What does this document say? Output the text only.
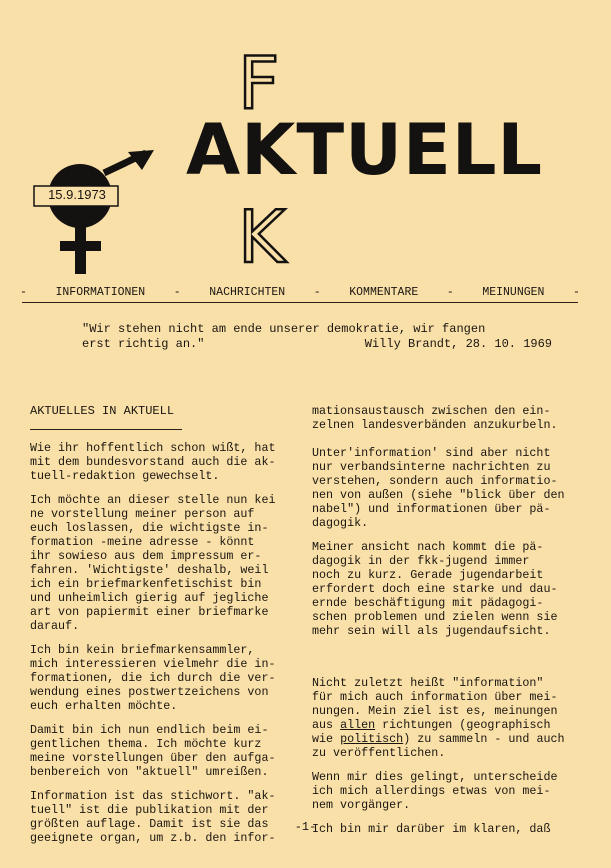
15.9.1973
AKTUELL
F
K
- INFORMATIONEN - NACHRICHTEN - KOMMENTARE - MEINUNGEN -
"Wir stehen nicht am ende unserer demokratie, wir fangen
erst richtig an."	Willy Brandt, 28. 10. 1969
AKTUELLES IN AKTUELL

Wie ihr hoffentlich schon wißt, hat
mit dem bundesvorstand auch die ak-
tuell-redaktion gewechselt.

Ich möchte an dieser stelle nun kei
ne vorstellung meiner person auf
euch loslassen, die wichtigste in-
formation -meine adresse - könnt
ihr sowieso aus dem impressum er-
fahren. 'Wichtigste' deshalb, weil
ich ein briefmarkenfetischist bin
und unheimlich gierig auf jegliche
art von papiermit einer briefmarke
darauf.

Ich bin kein briefmarkensammler,
mich interessieren vielmehr die in-
formationen, die ich durch die ver-
wendung eines postwertzeichens von
euch erhalten möchte.

Damit bin ich nun endlich beim ei-
gentlichen thema. Ich möchte kurz
meine vorstellungen über den aufga-
benbereich von "aktuell" umreißen.

Information ist das stichwort. "ak-
tuell" ist die publikation mit der
größten auflage. Damit ist sie das
geeignete organ, um z.b. den infor-

mationsaustausch zwischen den ein-
zelnen landesverbänden anzukurbeln.

Unter'information' sind aber nicht
nur verbandsinterne nachrichten zu
verstehen, sondern auch informatio-
nen von außen (siehe "blick über den
nabel") und informationen über pä-
dagogik.

Meiner ansicht nach kommt die pä-
dagogik in der fkk-jugend immer
noch zu kurz. Gerade jugendarbeit
erfordert doch eine starke und dau-
ernde beschäftigung mit pädagogi-
schen problemen und zielen wenn sie
mehr sein will als jugendaufsicht.

Nicht zuletzt heißt "information"
für mich auch information über mei-
nungen. Mein ziel ist es, meinungen
aus allen richtungen (geographisch
wie politisch) zu sammeln - und auch
zu veröffentlichen.

Wenn mir dies gelingt, unterscheide
ich mich allerdings etwas von mei-
nem vorgänger.

Ich bin mir darüber im klaren, daß

-1-
